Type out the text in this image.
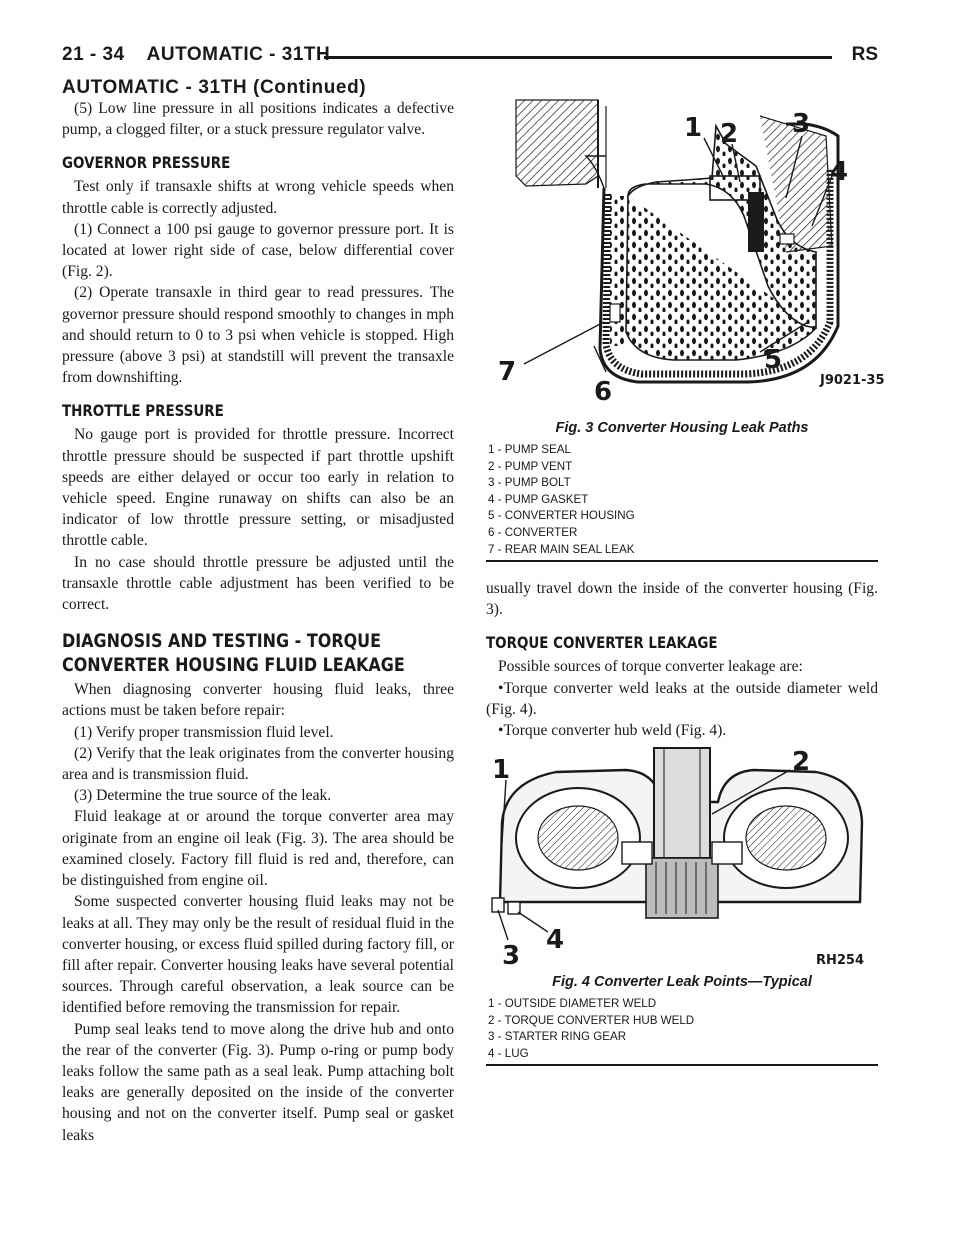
21 - 34 AUTOMATIC - 31TH	RS
AUTOMATIC - 31TH (Continued)

(5) Low line pressure in all positions indicates a defective pump, a clogged filter, or a stuck pressure regulator valve.

GOVERNOR PRESSURE

Test only if transaxle shifts at wrong vehicle speeds when throttle cable is correctly adjusted.

(1) Connect a 100 psi gauge to governor pressure port. It is located at lower right side of case, below differential cover (Fig. 2).

(2) Operate transaxle in third gear to read pressures. The governor pressure should respond smoothly to changes in mph and should return to 0 to 3 psi when vehicle is stopped. High pressure (above 3 psi) at standstill will prevent the transaxle from downshifting.

THROTTLE PRESSURE

No gauge port is provided for throttle pressure. Incorrect throttle pressure should be suspected if part throttle upshift speeds are either delayed or occur too early in relation to vehicle speed. Engine runaway on shifts can also be an indicator of low throttle pressure setting, or misadjusted throttle cable.

In no case should throttle pressure be adjusted until the transaxle throttle cable adjustment has been verified to be correct.

DIAGNOSIS AND TESTING - TORQUE
CONVERTER HOUSING FLUID LEAKAGE

When diagnosing converter housing fluid leaks, three actions must be taken before repair:

(1) Verify proper transmission fluid level.

(2) Verify that the leak originates from the converter housing area and is transmission fluid.

(3) Determine the true source of the leak.

Fluid leakage at or around the torque converter area may originate from an engine oil leak (Fig. 3). The area should be examined closely. Factory fill fluid is red and, therefore, can be distinguished from engine oil.

Some suspected converter housing fluid leaks may not be leaks at all. They may only be the result of residual fluid in the converter housing, or excess fluid spilled during factory fill, or fill after repair. Converter housing leaks have several potential sources. Through careful observation, a leak source can be identified before removing the transmission for repair.

Pump seal leaks tend to move along the drive hub and onto the rear of the converter (Fig. 3). Pump o-ring or pump body leaks follow the same path as a seal leak. Pump attaching bolt leaks are generally deposited on the inside of the converter housing and not on the converter itself. Pump seal or gasket leaks

1 2 3
4
5
6
7	J9021-35
Fig. 3 Converter Housing Leak Paths
1 - PUMP SEAL
2 - PUMP VENT
3 - PUMP BOLT
4 - PUMP GASKET
5 - CONVERTER HOUSING
6 - CONVERTER
7 - REAR MAIN SEAL LEAK

usually travel down the inside of the converter housing (Fig. 3).

TORQUE CONVERTER LEAKAGE

Possible sources of torque converter leakage are:

•Torque converter weld leaks at the outside diameter weld (Fig. 4).

•Torque converter hub weld (Fig. 4).

1	2
3
4
RH254
Fig. 4 Converter Leak Points—Typical
1 - OUTSIDE DIAMETER WELD
2 - TORQUE CONVERTER HUB WELD
3 - STARTER RING GEAR
4 - LUG
